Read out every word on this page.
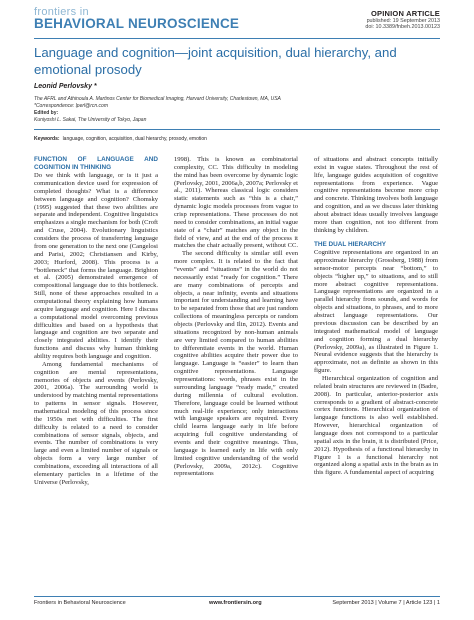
frontiers in
BEHAVIORAL NEUROSCIENCE
OPINION ARTICLE
published: 19 September 2013
doi: 10.3389/fnbeh.2013.00123
Language and cognition—joint acquisition, dual hierarchy, and emotional prosody
Leonid Perlovsky *
The AFRL and Athinoula A. Martinos Center for Biomedical Imaging, Harvard University, Charlestown, MA, USA
*Correspondence: lperl@rcn.com
Edited by:
Kuniyoshi L. Sakai, The University of Tokyo, Japan
Keywords: language, cognition, acquisition, dual hierarchy, prosody, emotion
FUNCTION OF LANGUAGE AND COGNITION IN THINKING

Do we think with language, or is it just a communication device used for expression of completed thoughts? What is a difference between language and cognition? Chomsky (1995) suggested that these two abilities are separate and independent. Cognitive linguistics emphasizes a single mechanism for both (Croft and Cruse, 2004). Evolutionary linguistics considers the process of transferring language from one generation to the next one (Cangelosi and Parisi, 2002; Christiansen and Kirby, 2003; Hurford, 2008). This process is a “bottleneck” that forms the language. Brighton et al. (2005) demonstrated emergence of compositional language due to this bottleneck. Still, none of these approaches resulted in a computational theory explaining how humans acquire language and cognition. Here I discuss a computational model overcoming previous difficulties and based on a hypothesis that language and cognition are two separate and closely integrated abilities. I identify their functions and discuss why human thinking ability requires both language and cognition.

Among fundamental mechanisms of cognition are mental representations, memories of objects and events (Perlovsky, 2001, 2006a). The surrounding world is understood by matching mental representations to patterns in sensor signals. However, mathematical modeling of this process since the 1950s met with difficulties. The first difficulty is related to a need to consider combinations of sensor signals, objects, and events. The number of combinations is very large and even a limited number of signals or objects form a very large number of combinations, exceeding all interactions of all elementary particles in a lifetime of the Universe (Perlovsky,

1998). This is known as combinatorial complexity, CC. This difficulty in modeling the mind has been overcome by dynamic logic (Perlovsky, 2001, 2006a,b, 2007a; Perlovsky et al., 2011). Whereas classical logic considers static statements such as “this is a chair,” dynamic logic models processes from vague to crisp representations. These processes do not need to consider combinations, an initial vague state of a “chair” matches any object in the field of view, and at the end of the process it matches the chair actually present, without CC.

The second difficulty is similar still even more complex. It is related to the fact that “events” and “situations” in the world do not necessarily exist “ready for cognition.” There are many combinations of percepts and objects, a near infinity, events and situations important for understanding and learning have to be separated from those that are just random collections of meaningless percepts or random objects (Perlovsky and Ilin, 2012). Events and situations recognized by non-human animals are very limited compared to human abilities to differentiate events in the world. Human cognitive abilities acquire their power due to language. Language is “easier” to learn than cognitive representations. Language representations: words, phrases exist in the surrounding language “ready made,” created during millennia of cultural evolution. Therefore, language could be learned without much real-life experience; only interactions with language speakers are required. Every child learns language early in life before acquiring full cognitive understanding of events and their cognitive meanings. Thus, language is learned early in life with only limited cognitive understanding of the world (Perlovsky, 2009a, 2012c). Cognitive representations

of situations and abstract concepts initially exist in vague states. Throughout the rest of life, language guides acquisition of cognitive representations from experience. Vague cognitive representations become more crisp and concrete. Thinking involves both language and cognition, and as we discuss later thinking about abstract ideas usually involves language more than cognition, not too different from thinking by children.

THE DUAL HIERARCHY

Cognitive representations are organized in an approximate hierarchy (Grossberg, 1988) from sensor-motor percepts near “bottom,” to objects “higher up,” to situations, and to still more abstract cognitive representations. Language representations are organized in a parallel hierarchy from sounds, and words for objects and situations, to phrases, and to more abstract language representations. Our previous discussion can be described by an integrated mathematical model of language and cognition forming a dual hierarchy (Perlovsky, 2009a), as illustrated in Figure 1. Neural evidence suggests that the hierarchy is approximate, not as definite as shown in this figure.

Hierarchical organization of cognition and related brain structures are reviewed in (Badre, 2008). In particular, anterior-posterior axis corresponds to a gradient of abstract-concrete cortex functions. Hierarchical organization of language functions is also well established. However, hierarchical organization of language does not correspond to a particular spatial axis in the brain, it is distributed (Price, 2012). Hypothesis of a functional hierarchy in Figure 1 is a functional hierarchy not organized along a spatial axis in the brain as in this figure. A fundamental aspect of acquiring

Frontiers in Behavioral Neuroscience	www.frontiersin.org	September 2013 | Volume 7 | Article 123 | 1
